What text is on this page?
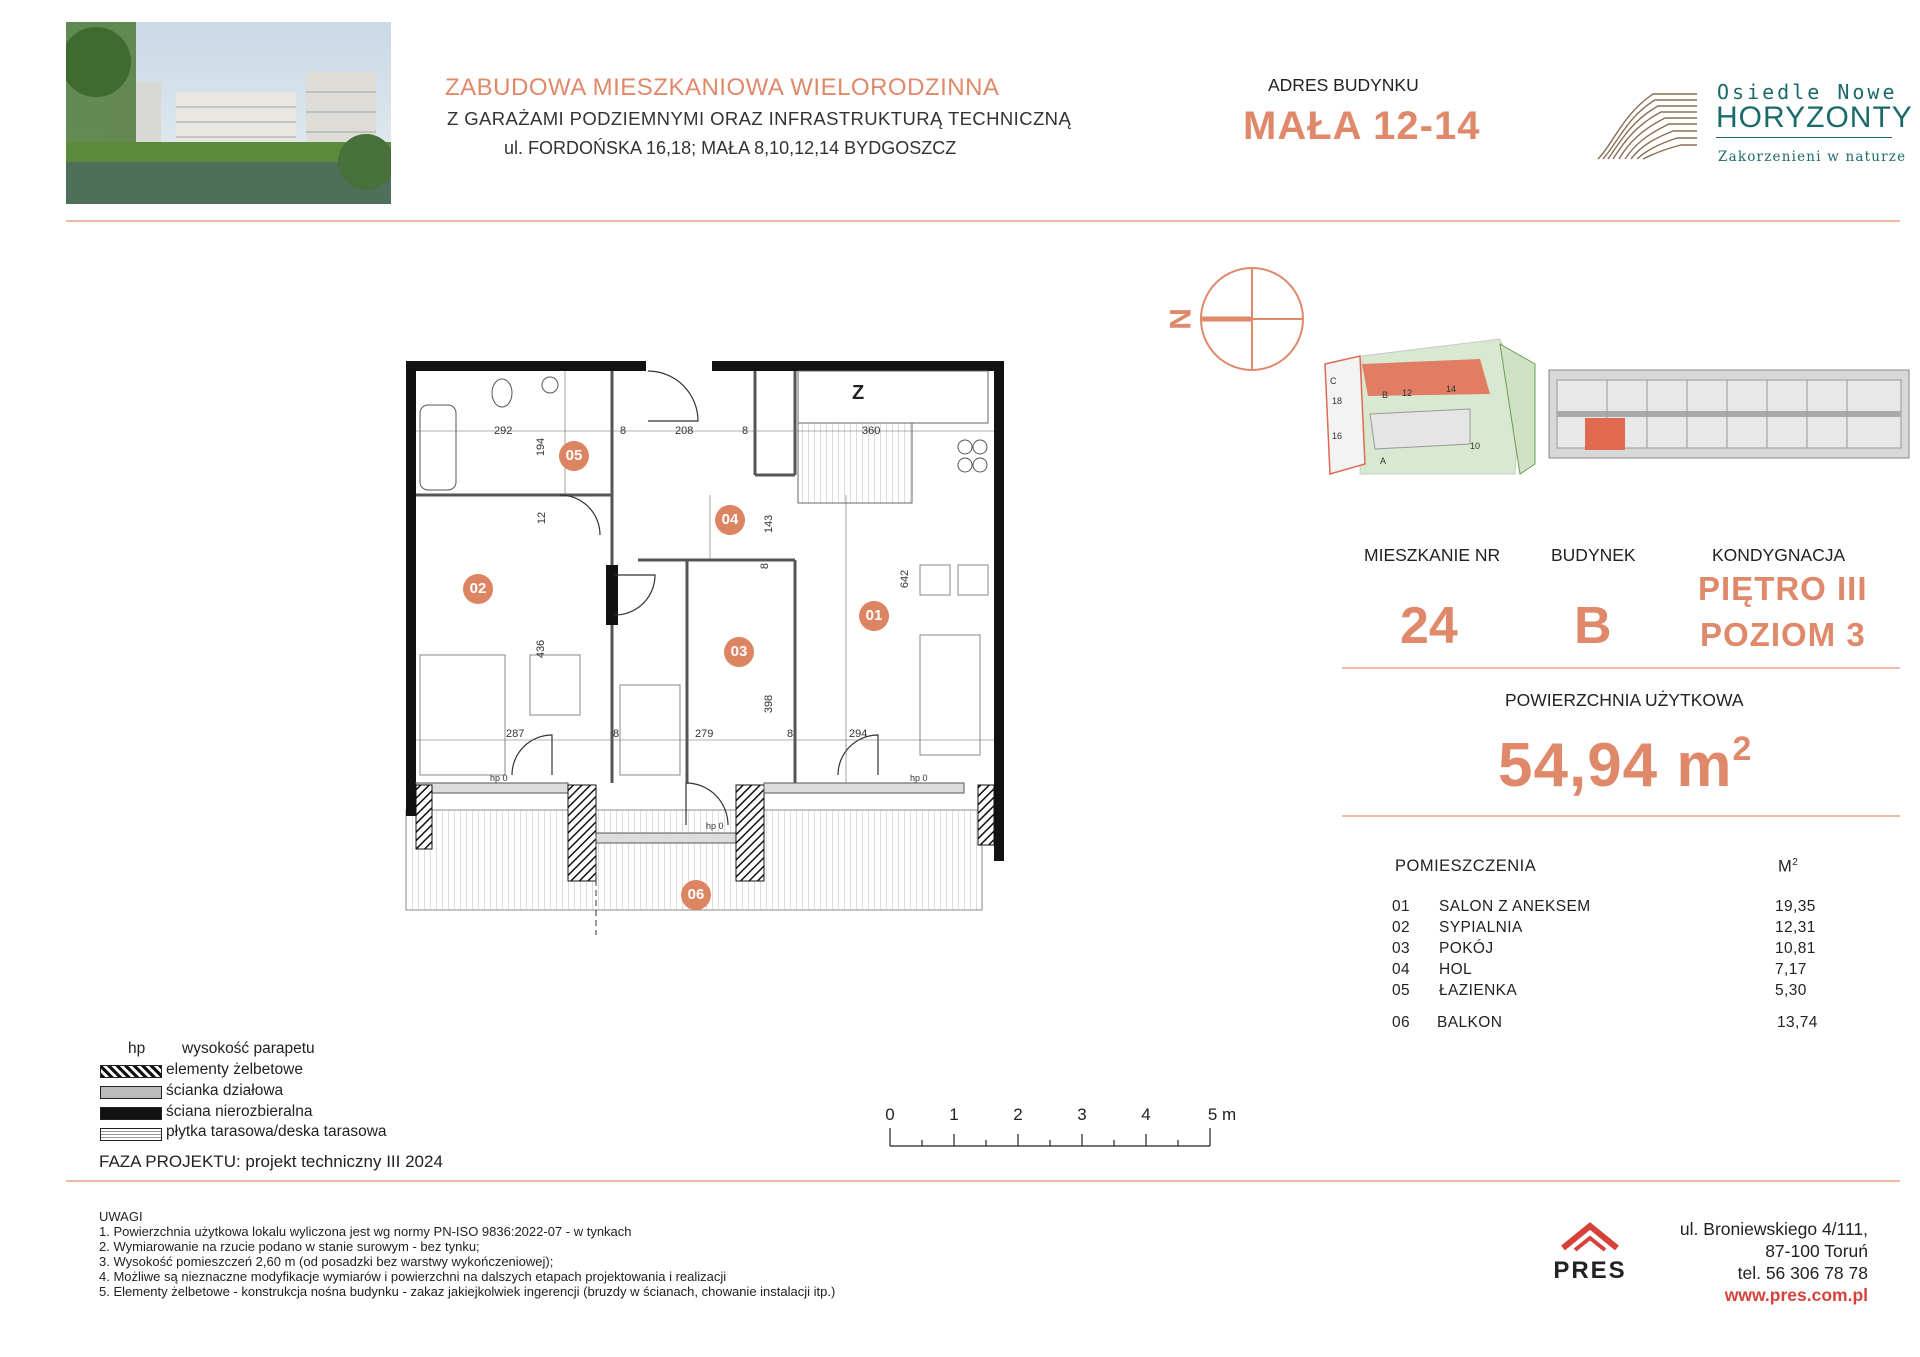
ZABUDOWA MIESZKANIOWA WIELORODZINNA
Z GARAŻAMI PODZIEMNYMI ORAZ INFRASTRUKTURĄ TECHNICZNĄ
ul. FORDOŃSKA 16,18; MAŁA 8,10,12,14 BYDGOSZCZ
ADRES BUDYNKU
MAŁA 12-14
Osiedle Nowe
HORYZONTY
Zakorzenieni w naturze
N
C
18
16
B 12	14
A
10
MIESZKANIE NR	BUDYNEK	KONDYGNACJA
24 B
PIĘTRO III
POZIOM 3
POWIERZCHNIA UŻYTKOWA
54,94 $m^2$
POMIESZCZENIA	$M^2$
01 SALON Z ANEKSEM	19,35
02 SYPIALNIA	12,31
03 POKÓJ	10,81
04 HOL	7,17
05 ŁAZIENKA	5,30
06 BALKON	13,74
Z
05
04
02
01
03
06
292	8	208	8	360
194
12	143
8
642
436
398
287	8	279	8	294
hp 0
hp 0
hp 0
hp wysokość parapetu
elementy żelbetowe
ścianka działowa
ściana nierozbieralna
płytka tarasowa/deska tarasowa
FAZA PROJEKTU: projekt techniczny III 2024
0	1	2	3	4	5 m
UWAGI
1. Powierzchnia użytkowa lokalu wyliczona jest wg normy PN-ISO 9836:2022-07 - w tynkach
2. Wymiarowanie na rzucie podano w stanie surowym - bez tynku;
3. Wysokość pomieszczeń 2,60 m (od posadzki bez warstwy wykończeniowej);
4. Możliwe są nieznaczne modyfikacje wymiarów i powierzchni na dalszych etapach projektowania i realizacji
5. Elementy żelbetowe - konstrukcja nośna budynku - zakaz jakiejkolwiek ingerencji (bruzdy w ścianach, chowanie instalacji itp.)
PRES
ul. Broniewskiego 4/111,
87-100 Toruń
tel. 56 306 78 78
www.pres.com.pl
